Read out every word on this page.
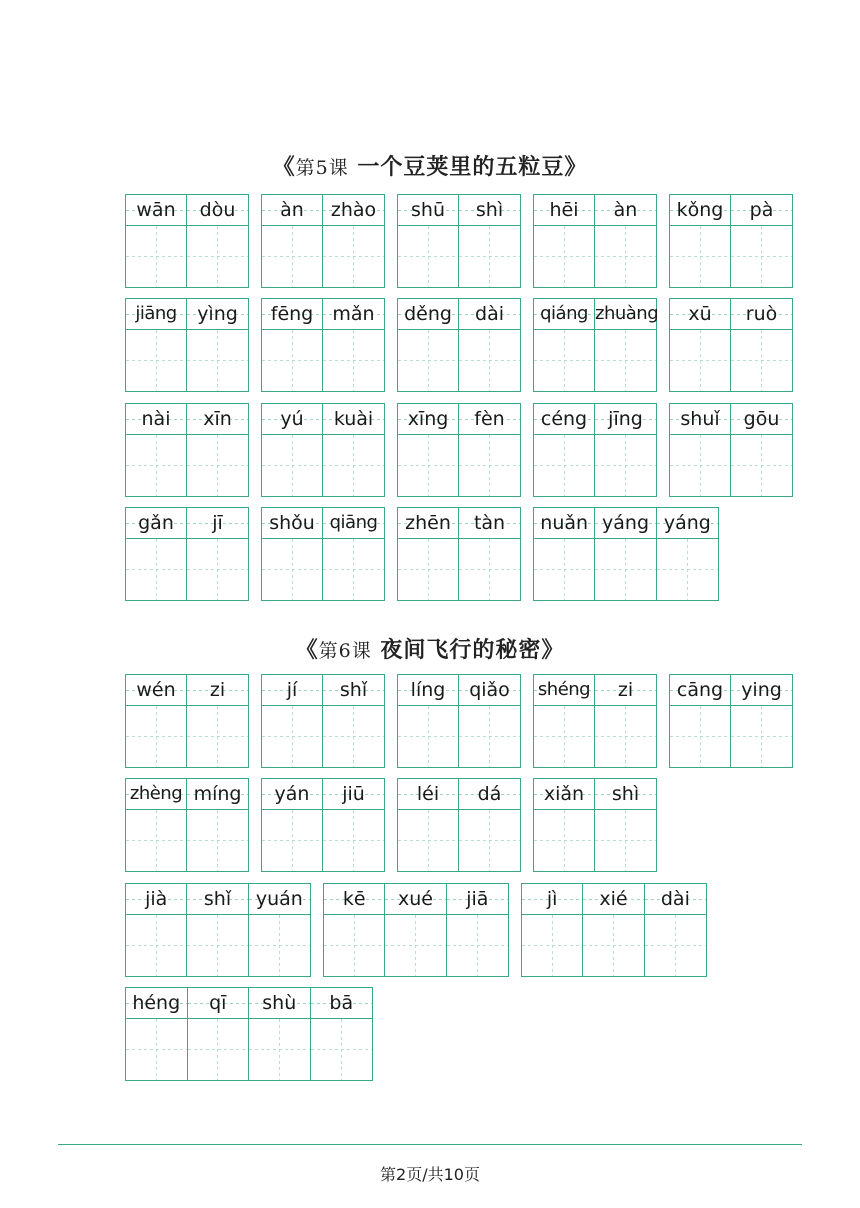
《第5课 一个豆荚里的五粒豆》
wān	dòu	àn	zhào	shū	shì	hēi	àn	kǒng	pà
jiāng	yìng	fēng	mǎn	děng	dài	qiáng zhuàng	xū	ruò
nài	xīn	yú	kuài	xīng	fèn	céng	jīng	shuǐ	gōu
gǎn	jī	shǒu qiāng	zhēn	tàn	nuǎn yáng yáng
《第6课 夜间飞行的秘密》
wén	zi	jí	shǐ	líng	qiǎo	shéng	zi	cāng ying
zhèng míng	yán	jiū	léi	dá	xiǎn	shì
jià	shǐ	yuán	kē	xué	jiā	jì	xié	dài
héng	qī	shù	bā
第2页/共10页
